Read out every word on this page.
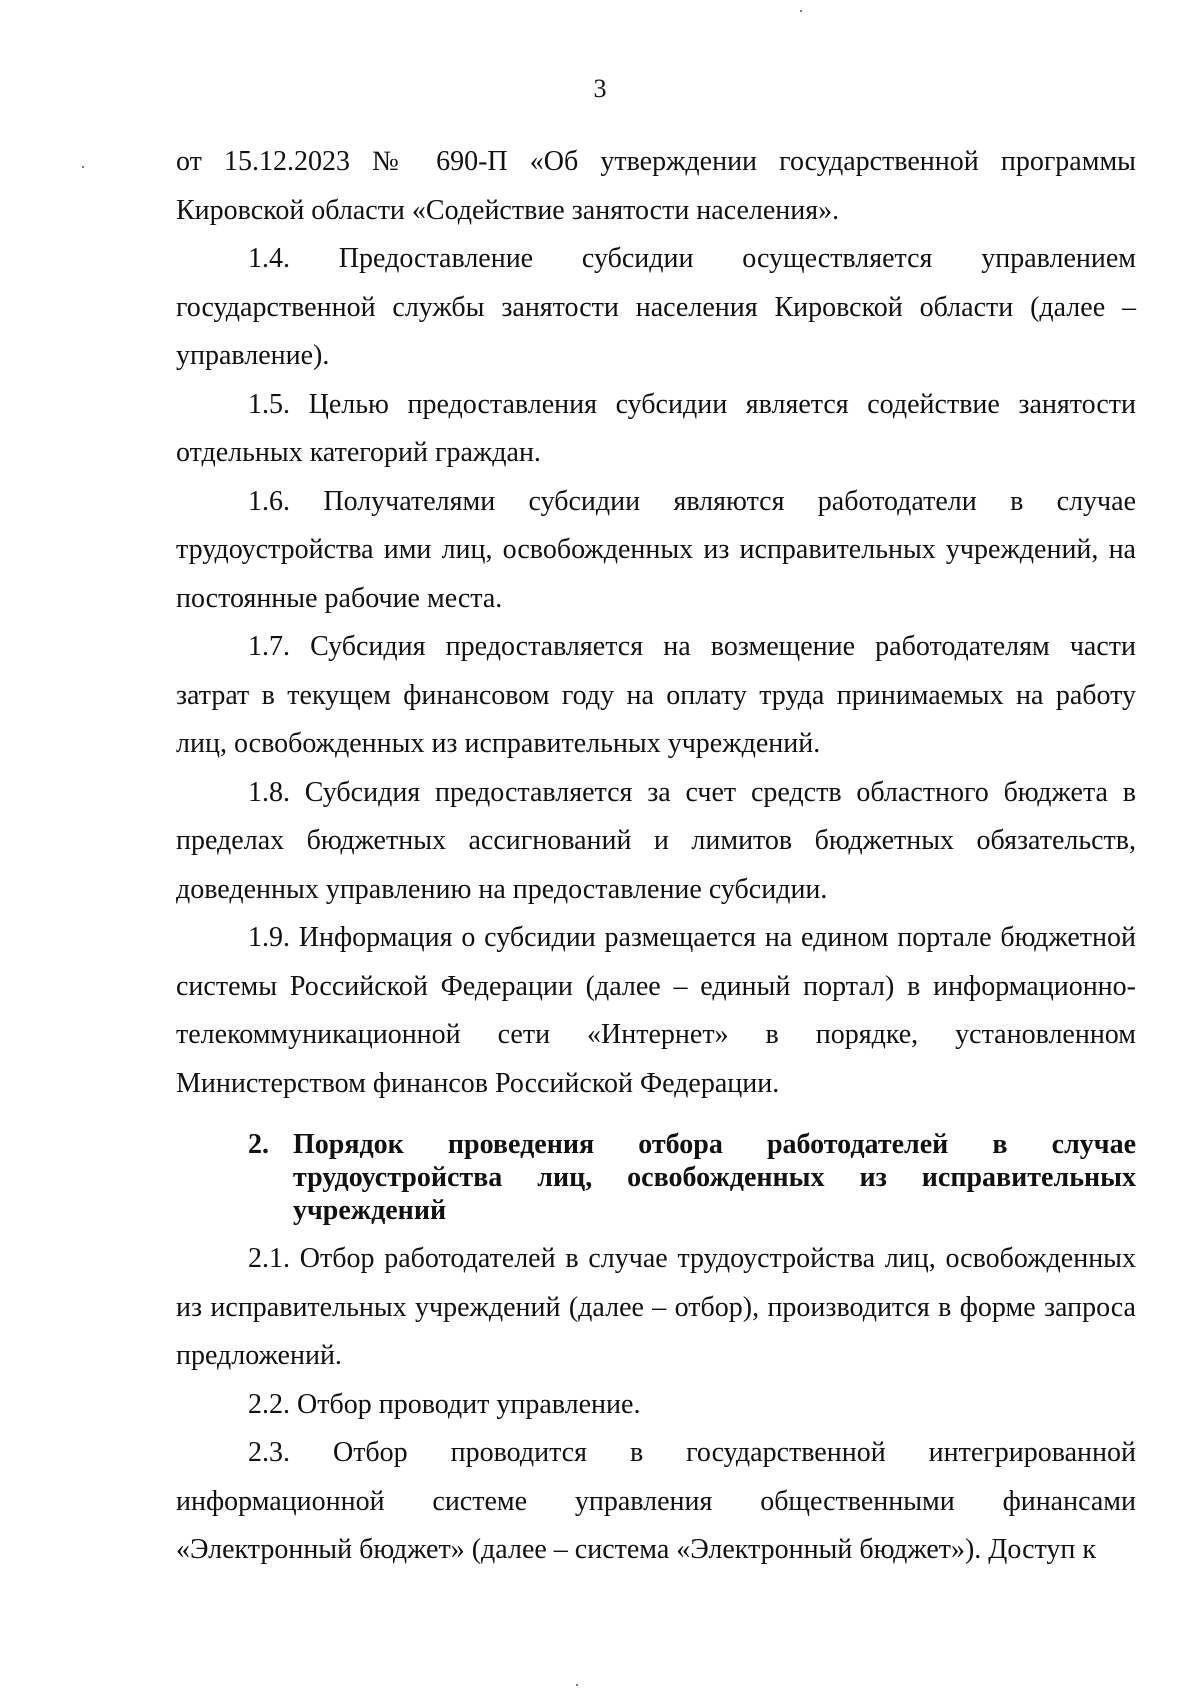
3

от 15.12.2023 № 690-П «Об утверждении государственной программы Кировской области «Содействие занятости населения».

1.4. Предоставление субсидии осуществляется управлением государственной службы занятости населения Кировской области (далее – управление).

1.5. Целью предоставления субсидии является содействие занятости отдельных категорий граждан.

1.6. Получателями субсидии являются работодатели в случае трудоустройства ими лиц, освобожденных из исправительных учреждений, на постоянные рабочие места.

1.7. Субсидия предоставляется на возмещение работодателям части затрат в текущем финансовом году на оплату труда принимаемых на работу лиц, освобожденных из исправительных учреждений.

1.8. Субсидия предоставляется за счет средств областного бюджета в пределах бюджетных ассигнований и лимитов бюджетных обязательств, доведенных управлению на предоставление субсидии.

1.9. Информация о субсидии размещается на едином портале бюджетной системы Российской Федерации (далее – единый портал) в информационно-телекоммуникационной сети «Интернет» в порядке, установленном Министерством финансов Российской Федерации.

2. Порядок проведения отбора работодателей в случае трудоустройства лиц, освобожденных из исправительных учреждений

2.1. Отбор работодателей в случае трудоустройства лиц, освобожденных из исправительных учреждений (далее – отбор), производится в форме запроса предложений.

2.2. Отбор проводит управление.

2.3. Отбор проводится в государственной интегрированной информационной системе управления общественными финансами «Электронный бюджет» (далее – система «Электронный бюджет»). Доступ к
